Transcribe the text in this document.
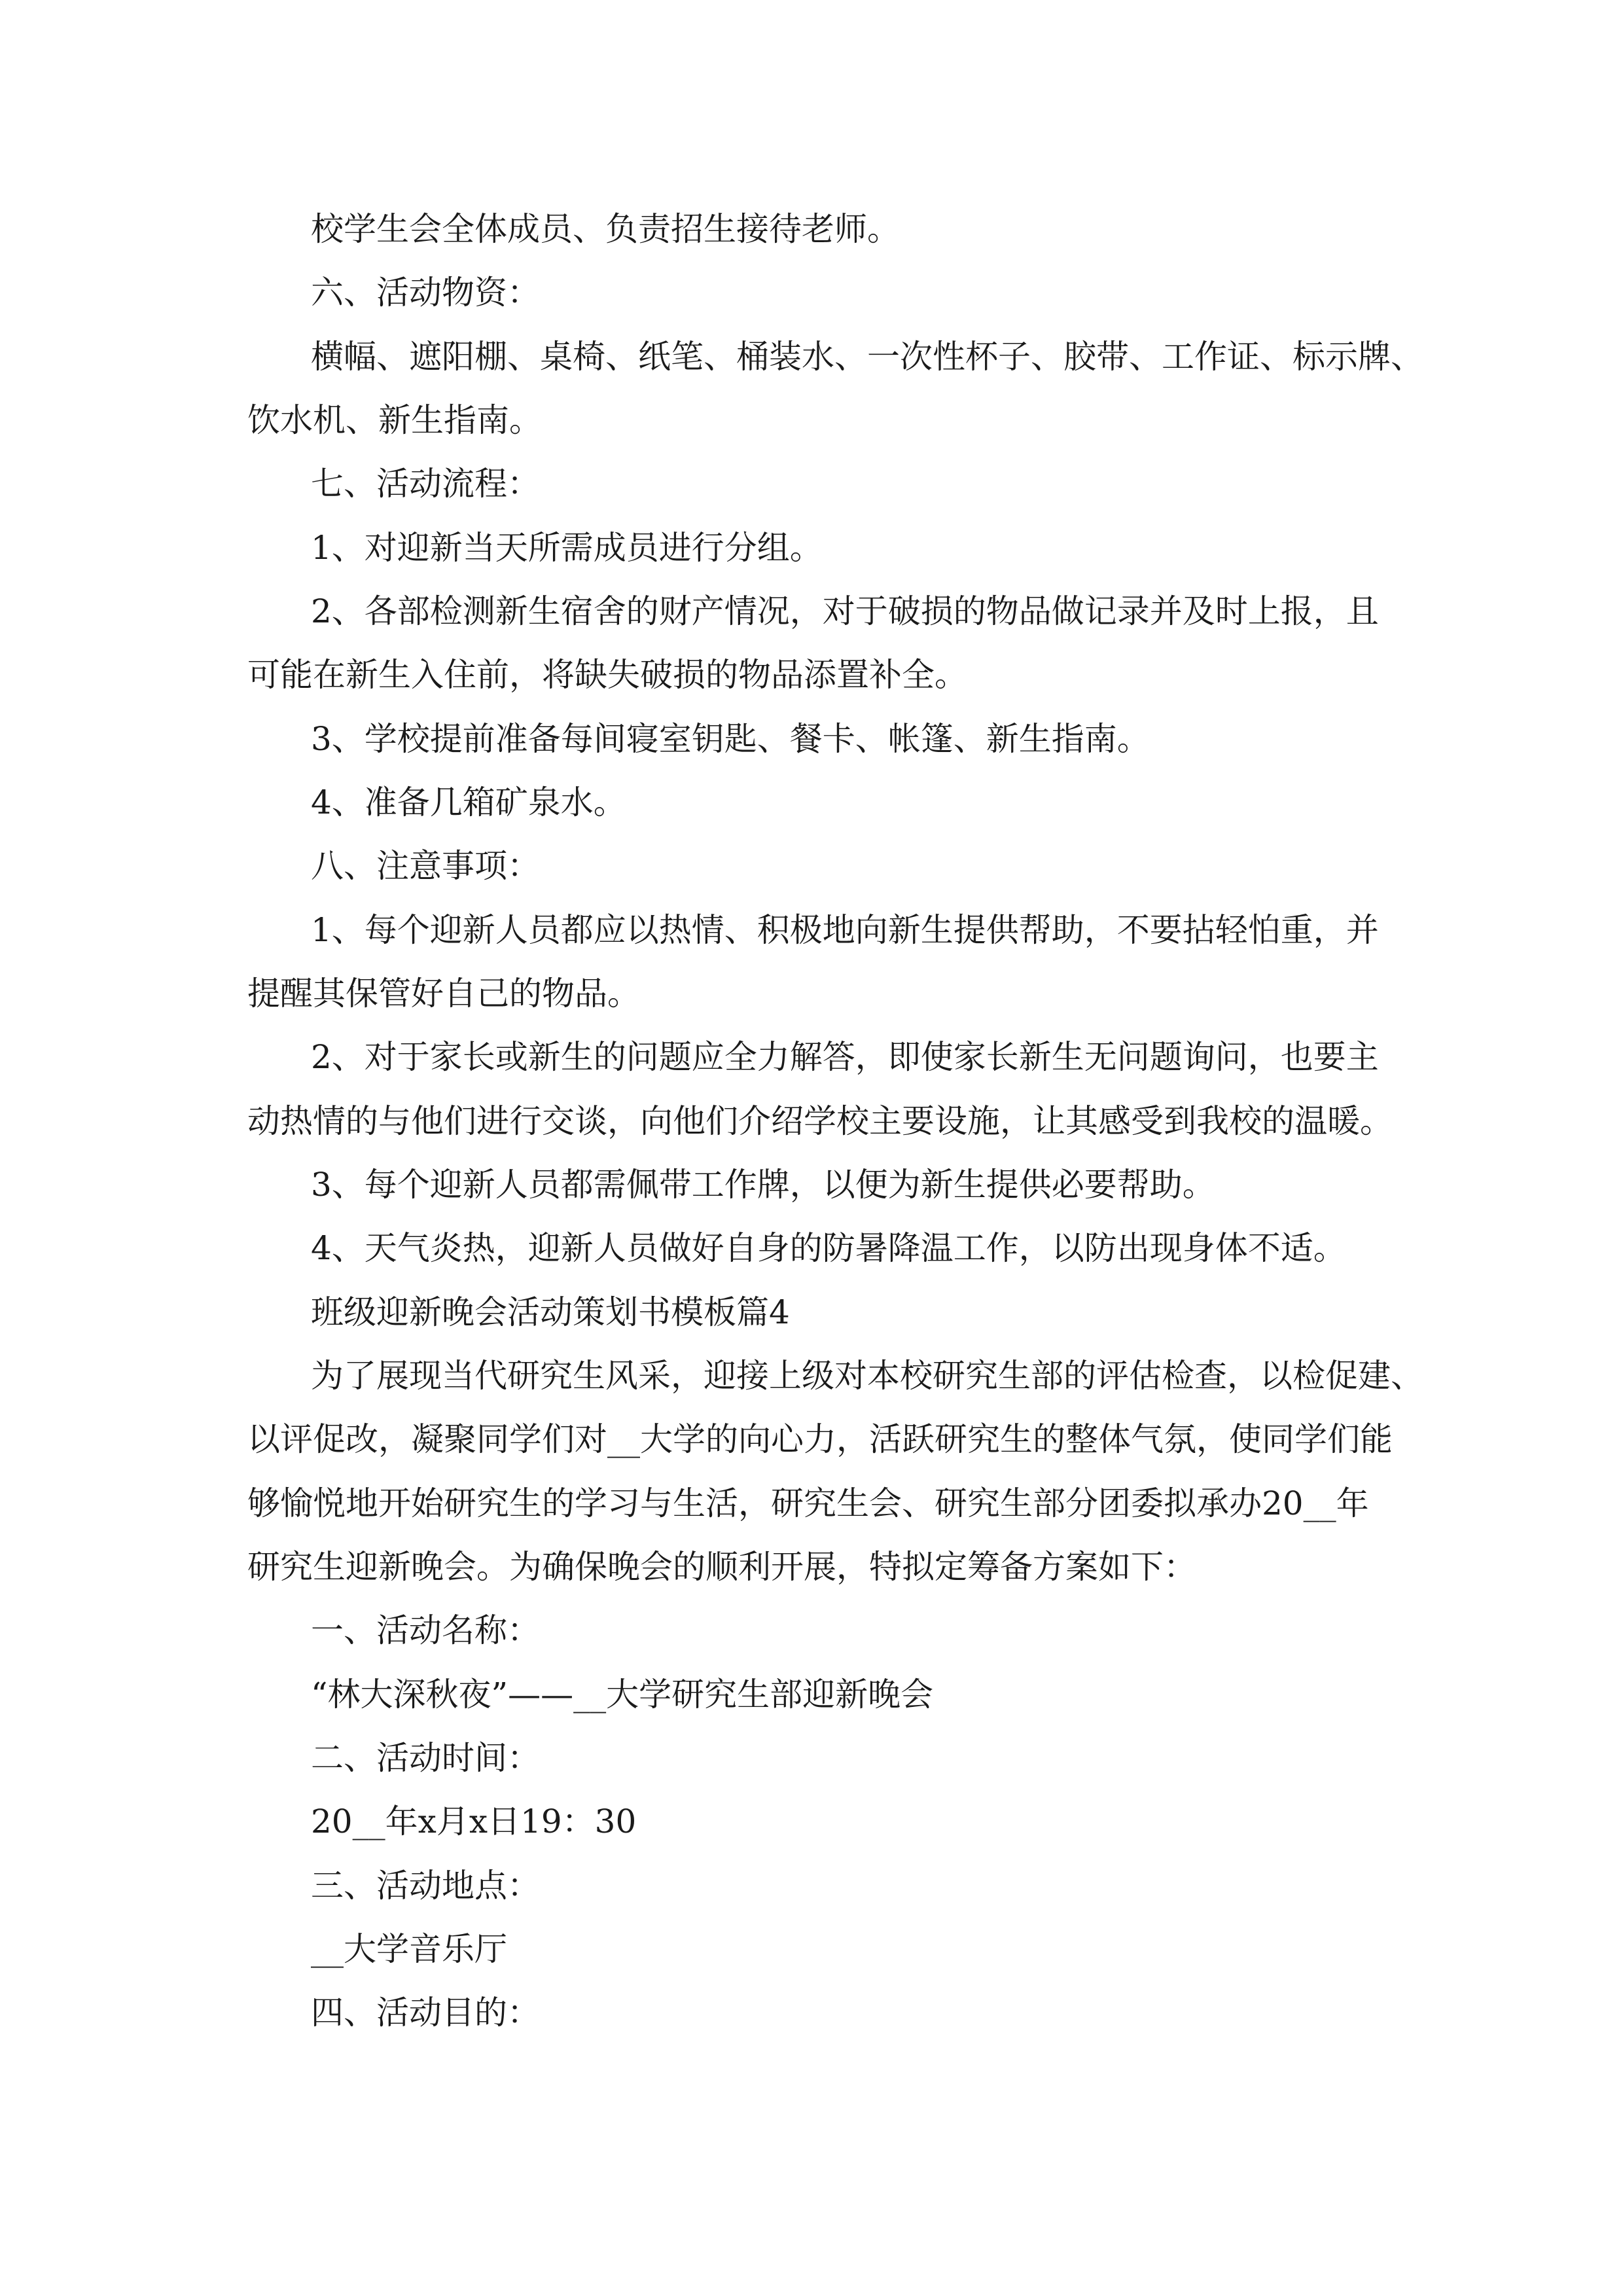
校学生会全体成员、负责招生接待老师。
六、活动物资：
横幅、遮阳棚、桌椅、纸笔、桶装水、一次性杯子、胶带、工作证、标示牌、
饮水机、新生指南。
七、活动流程：
1、对迎新当天所需成员进行分组。
2、各部检测新生宿舍的财产情况，对于破损的物品做记录并及时上报，且
可能在新生入住前，将缺失破损的物品添置补全。
3、学校提前准备每间寝室钥匙、餐卡、帐篷、新生指南。
4、准备几箱矿泉水。
八、注意事项：
1、每个迎新人员都应以热情、积极地向新生提供帮助，不要拈轻怕重，并
提醒其保管好自己的物品。
2、对于家长或新生的问题应全力解答，即使家长新生无问题询问，也要主
动热情的与他们进行交谈，向他们介绍学校主要设施，让其感受到我校的温暖。
3、每个迎新人员都需佩带工作牌，以便为新生提供必要帮助。
4、天气炎热，迎新人员做好自身的防暑降温工作，以防出现身体不适。
班级迎新晚会活动策划书模板篇4
为了展现当代研究生风采，迎接上级对本校研究生部的评估检查，以检促建、
以评促改，凝聚同学们对__大学的向心力，活跃研究生的整体气氛，使同学们能
够愉悦地开始研究生的学习与生活，研究生会、研究生部分团委拟承办20__年
研究生迎新晚会。为确保晚会的顺利开展，特拟定筹备方案如下：
一、活动名称：
“林大深秋夜”——__大学研究生部迎新晚会
二、活动时间：
20__年x月x日19：30
三、活动地点：
__大学音乐厅
四、活动目的：
